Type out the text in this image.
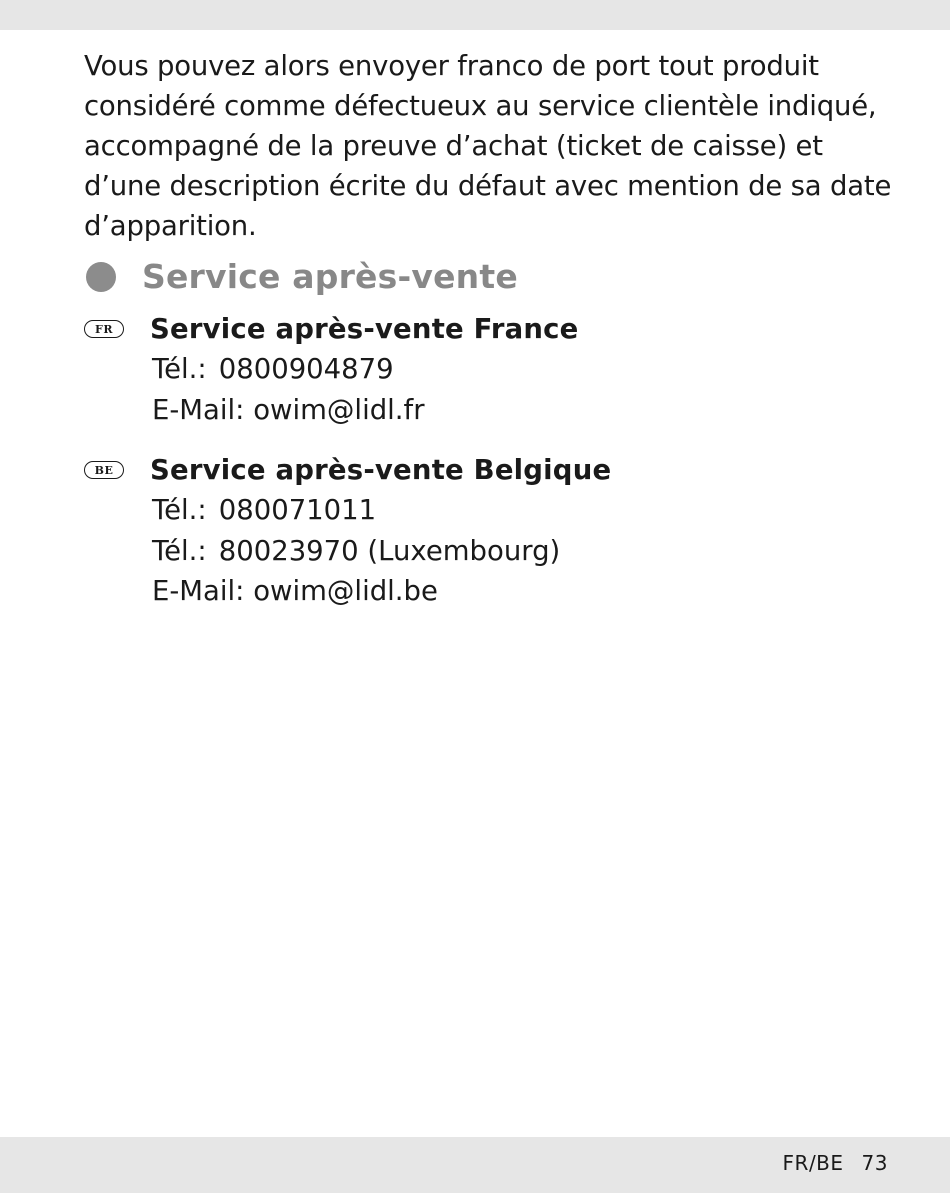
Vous pouvez alors envoyer franco de port tout produit
considéré comme défectueux au service clientèle indiqué,
accompagné de la preuve d’achat (ticket de caisse) et
d’une description écrite du défaut avec mention de sa date
d’apparition.
Service après-vente
FR	Service après-vente France
Tél.: 0800904879
E-Mail: owim@lidl.fr
BE	Service après-vente Belgique
Tél.: 080071011
Tél.: 80023970 (Luxembourg)
E-Mail: owim@lidl.be
FR/BE 73
